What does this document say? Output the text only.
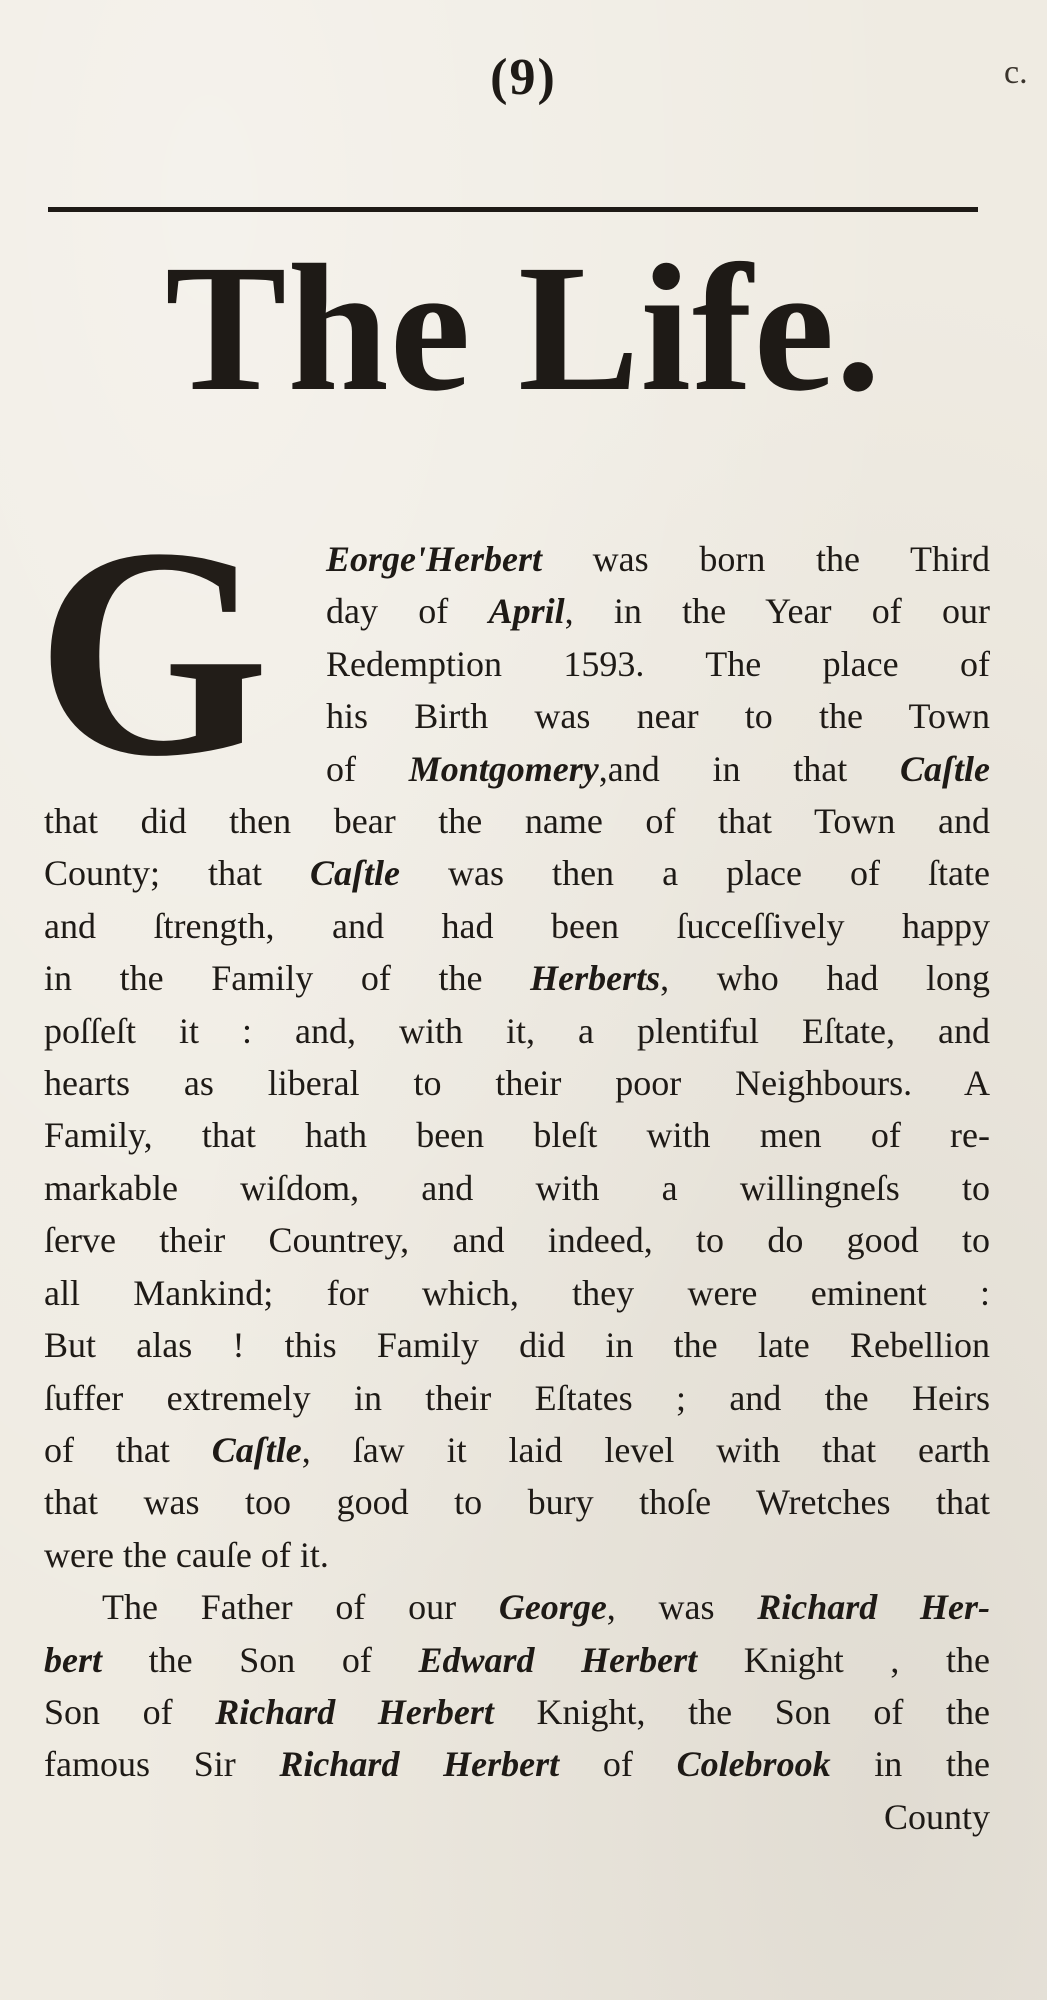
(9)	c.
The Life.
G	Eorge'Herbert was born the Third
day of April, in the Year of our
Redemption 1593. The place of
his Birth was near to the Town
of Montgomery,and in that Caſtle
that did then bear the name of that Town and
County; that Caſtle was then a place of ſtate
and ſtrength, and had been ſucceſſively happy
in the Family of the Herberts, who had long
poſſeſt it : and, with it, a plentiful Eſtate, and
hearts as liberal to their poor Neighbours. A
Family, that hath been bleſt with men of re-
markable wiſdom, and with a willingneſs to
ſerve their Countrey, and indeed, to do good to
all Mankind; for which, they were eminent :
But alas ! this Family did in the late Rebellion
ſuffer extremely in their Eſtates ; and the Heirs
of that Caſtle, ſaw it laid level with that earth
that was too good to bury thoſe Wretches that
were the cauſe of it.
The Father of our George, was Richard Her-
bert the Son of Edward Herbert Knight , the
Son of Richard Herbert Knight, the Son of the
famous Sir Richard Herbert of Colebrook in the
County
